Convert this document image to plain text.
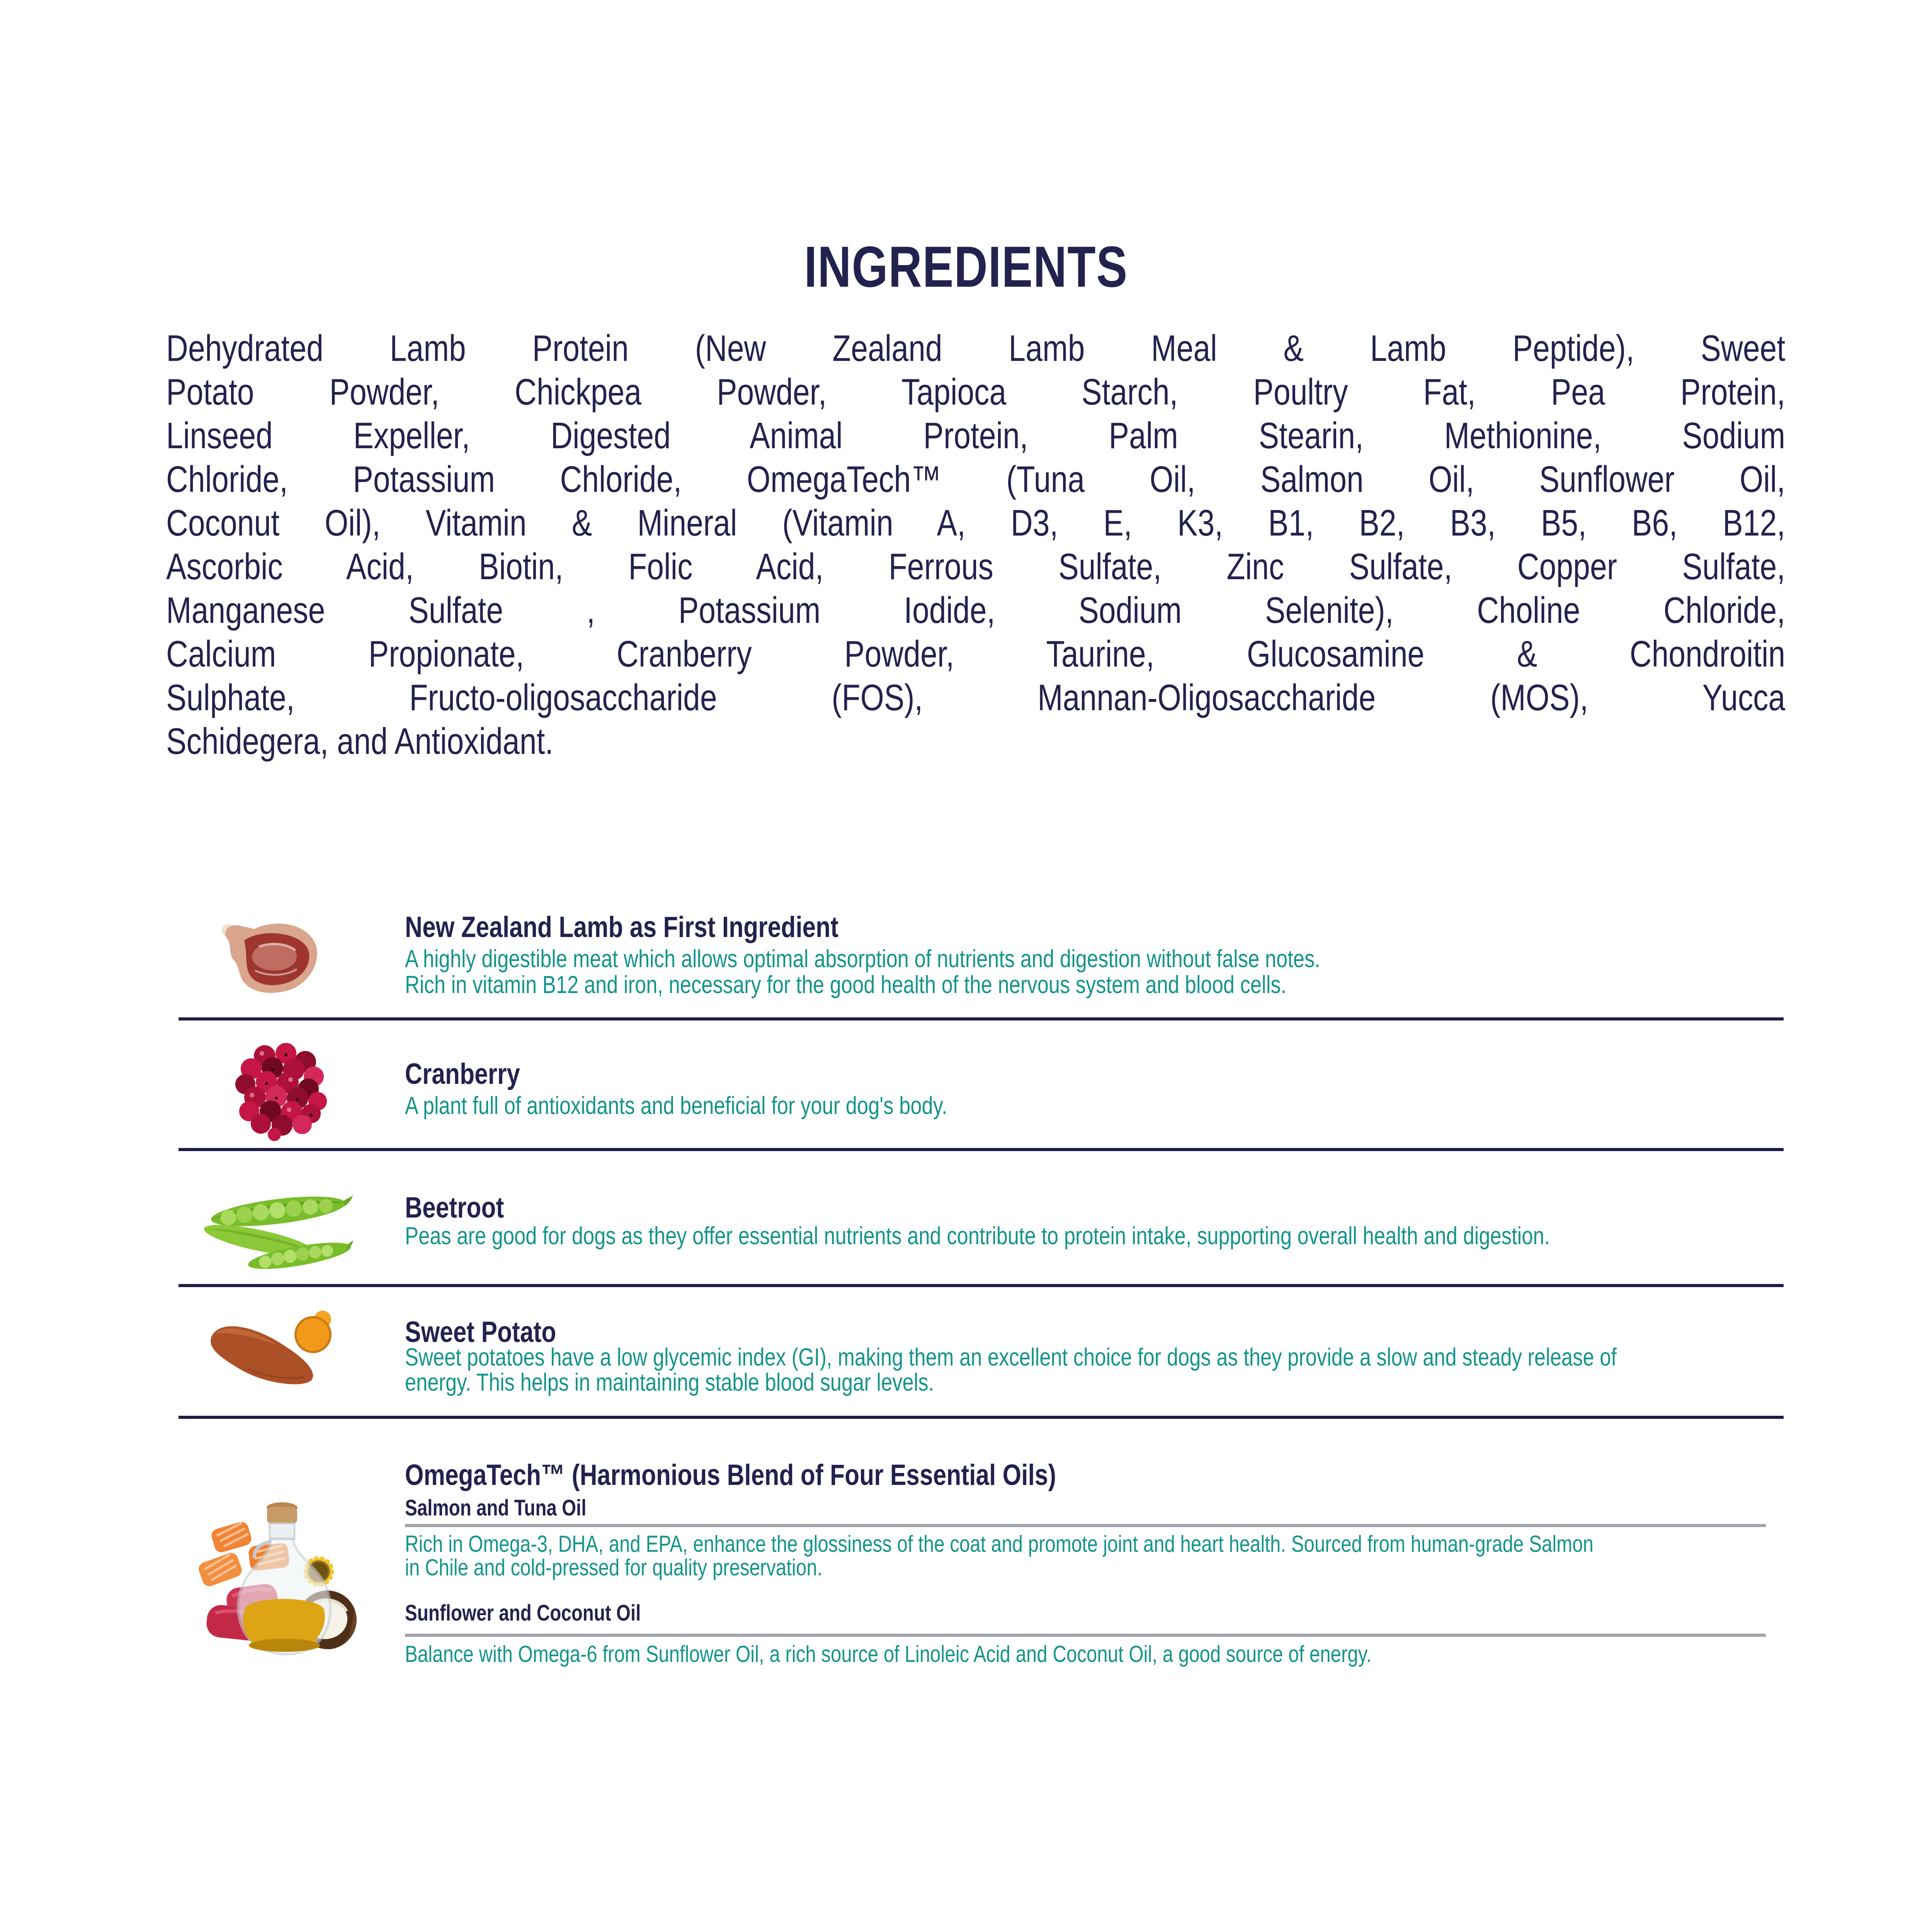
INGREDIENTS
Dehydrated Lamb Protein (New Zealand Lamb Meal & Lamb Peptide), Sweet
Potato Powder, Chickpea Powder, Tapioca Starch, Poultry Fat, Pea Protein,
Linseed Expeller, Digested Animal Protein, Palm Stearin, Methionine, Sodium
Chloride, Potassium Chloride, OmegaTech™ (Tuna Oil, Salmon Oil, Sunflower Oil,
Coconut Oil), Vitamin & Mineral (Vitamin A, D3, E, K3, B1, B2, B3, B5, B6, B12,
Ascorbic Acid, Biotin, Folic Acid, Ferrous Sulfate, Zinc Sulfate, Copper Sulfate,
Manganese Sulfate , Potassium Iodide, Sodium Selenite), Choline Chloride,
Calcium Propionate, Cranberry Powder, Taurine, Glucosamine & Chondroitin
Sulphate, Fructo-oligosaccharide (FOS), Mannan-Oligosaccharide (MOS), Yucca
Schidegera, and Antioxidant.
New Zealand Lamb as First Ingredient
A highly digestible meat which allows optimal absorption of nutrients and digestion without false notes.
Rich in vitamin B12 and iron, necessary for the good health of the nervous system and blood cells.
Cranberry
A plant full of antioxidants and beneficial for your dog's body.
Beetroot
Peas are good for dogs as they offer essential nutrients and contribute to protein intake, supporting overall health and digestion.
Sweet Potato
Sweet potatoes have a low glycemic index (GI), making them an excellent choice for dogs as they provide a slow and steady release of
energy. This helps in maintaining stable blood sugar levels.
OmegaTech™ (Harmonious Blend of Four Essential Oils)
Salmon and Tuna Oil
Rich in Omega-3, DHA, and EPA, enhance the glossiness of the coat and promote joint and heart health. Sourced from human-grade Salmon
in Chile and cold-pressed for quality preservation.
Sunflower and Coconut Oil
Balance with Omega-6 from Sunflower Oil, a rich source of Linoleic Acid and Coconut Oil, a good source of energy.
